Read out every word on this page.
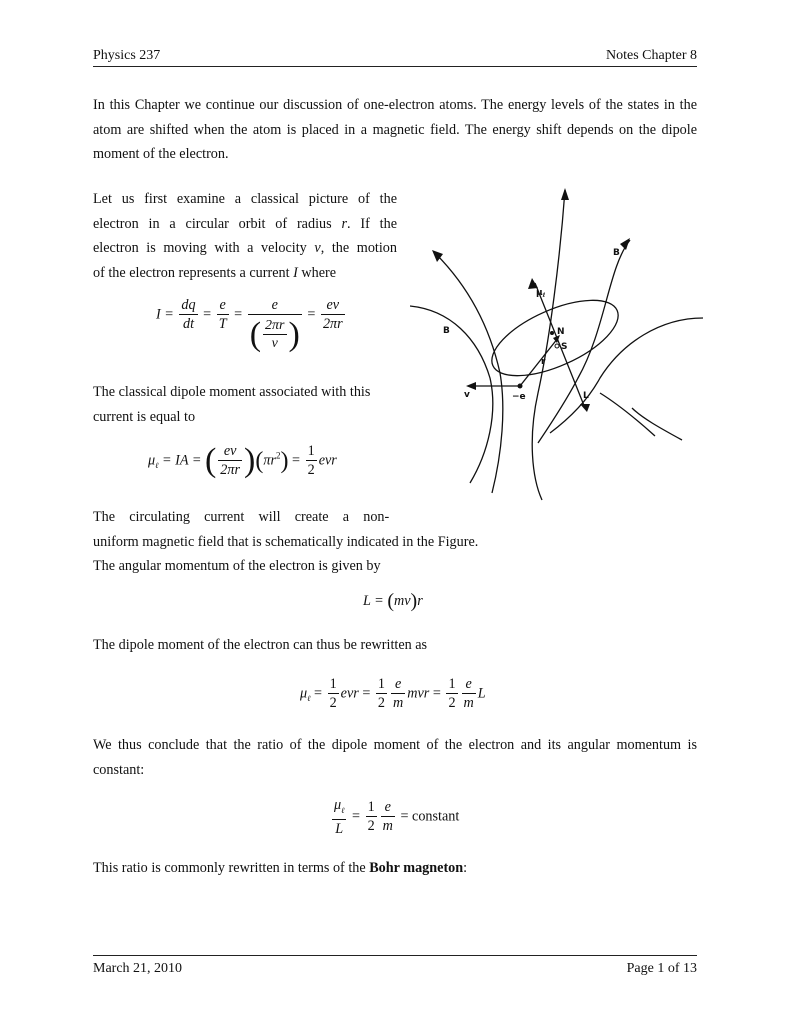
Physics 237	Notes Chapter 8
In this Chapter we continue our discussion of one-electron atoms. The energy levels of the states in the atom are shifted when the atom is placed in a magnetic field. The energy shift depends on the dipole moment of the electron.
Let us first examine a classical picture of the
electron in a circular orbit of radius r. If the
electron is moving with a velocity v, the motion
of the electron represents a current I where
$I = \frac{dq}{dt} = \frac{e}{T} = \frac{e}{( \frac{2\pi r}{v} )} = \frac{ev}{2\pi r}$
The classical dipole moment associated with this
current is equal to
$\mu_\ell$ = IA = ( $\frac{ev}{2\pi r} )(\pi r^2) = \frac{1}{2}$ evr
The    circulating    current    will    create    a    non-
uniform magnetic field that is schematically indicated in the Figure.
The angular momentum of the electron is given by
L = (mv)r
The dipole moment of the electron can thus be rewritten as
$\mu_\ell = \frac{1}{2}$ evr = $\frac{1}{2} \frac{e}{m}$ mvr = $\frac{1}{2} \frac{e}{m}$ L
We thus conclude that the ratio of the dipole moment of the electron and its angular momentum is constant:
$\frac{\mu_\ell}{L} = \frac{1}{2} \frac{e}{m}$ = constant
This ratio is commonly rewritten in terms of the Bohr magneton:
B
B
$\mu_\ell$
N
S
r
v	−e	L
March 21, 2010	Page 1 of 13
